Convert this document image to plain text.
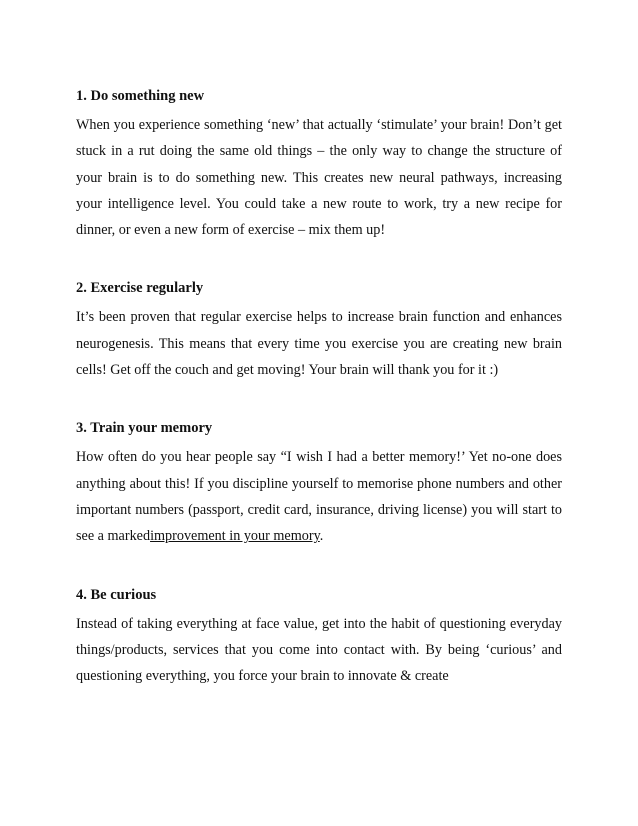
1. Do something new

When you experience something ‘new’ that actually ‘stimulate’ your brain! Don’t get stuck in a rut doing the same old things – the only way to change the structure of your brain is to do something new. This creates new neural pathways, increasing your intelligence level. You could take a new route to work, try a new recipe for dinner, or even a new form of exercise – mix them up!

2. Exercise regularly

It’s been proven that regular exercise helps to increase brain function and enhances neurogenesis. This means that every time you exercise you are creating new brain cells! Get off the couch and get moving! Your brain will thank you for it :)

3. Train your memory

How often do you hear people say “I wish I had a better memory!’ Yet no-one does anything about this! If you discipline yourself to memorise phone numbers and other important numbers (passport, credit card, insurance, driving license) you will start to see a markedimprovement in your memory.

4. Be curious

Instead of taking everything at face value, get into the habit of questioning everyday things/products, services that you come into contact with. By being ‘curious’ and questioning everything, you force your brain to innovate & create
